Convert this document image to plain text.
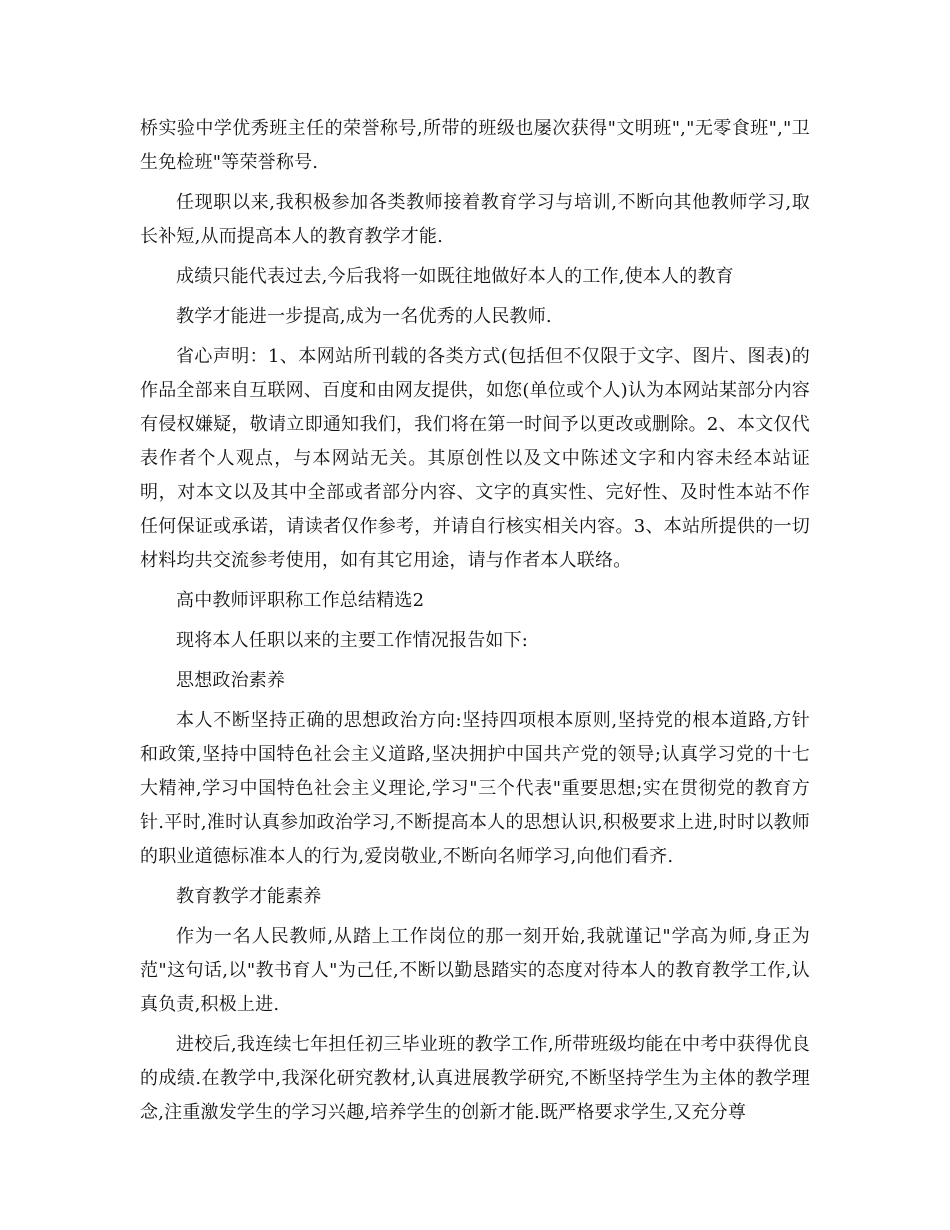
桥实验中学优秀班主任的荣誉称号,所带的班级也屡次获得"文明班","无零食班","卫生免检班"等荣誉称号.

任现职以来,我积极参加各类教师接着教育学习与培训,不断向其他教师学习,取长补短,从而提高本人的教育教学才能.

成绩只能代表过去,今后我将一如既往地做好本人的工作,使本人的教育

教学才能进一步提高,成为一名优秀的人民教师.

省心声明：1、本网站所刊载的各类方式(包括但不仅限于文字、图片、图表)的作品全部来自互联网、百度和由网友提供，如您(单位或个人)认为本网站某部分内容有侵权嫌疑，敬请立即通知我们，我们将在第一时间予以更改或删除。2、本文仅代表作者个人观点，与本网站无关。其原创性以及文中陈述文字和内容未经本站证明，对本文以及其中全部或者部分内容、文字的真实性、完好性、及时性本站不作任何保证或承诺，请读者仅作参考，并请自行核实相关内容。3、本站所提供的一切材料均共交流参考使用，如有其它用途，请与作者本人联络。

高中教师评职称工作总结精选2

现将本人任职以来的主要工作情况报告如下:

思想政治素养

本人不断坚持正确的思想政治方向:坚持四项根本原则,坚持党的根本道路,方针和政策,坚持中国特色社会主义道路,坚决拥护中国共产党的领导;认真学习党的十七大精神,学习中国特色社会主义理论,学习"三个代表"重要思想;实在贯彻党的教育方针.平时,准时认真参加政治学习,不断提高本人的思想认识,积极要求上进,时时以教师的职业道德标准本人的行为,爱岗敬业,不断向名师学习,向他们看齐.

教育教学才能素养

作为一名人民教师,从踏上工作岗位的那一刻开始,我就谨记"学高为师,身正为范"这句话,以"教书育人"为己任,不断以勤恳踏实的态度对待本人的教育教学工作,认真负责,积极上进.

进校后,我连续七年担任初三毕业班的教学工作,所带班级均能在中考中获得优良的成绩.在教学中,我深化研究教材,认真进展教学研究,不断坚持学生为主体的教学理念,注重激发学生的学习兴趣,培养学生的创新才能.既严格要求学生,又充分尊
